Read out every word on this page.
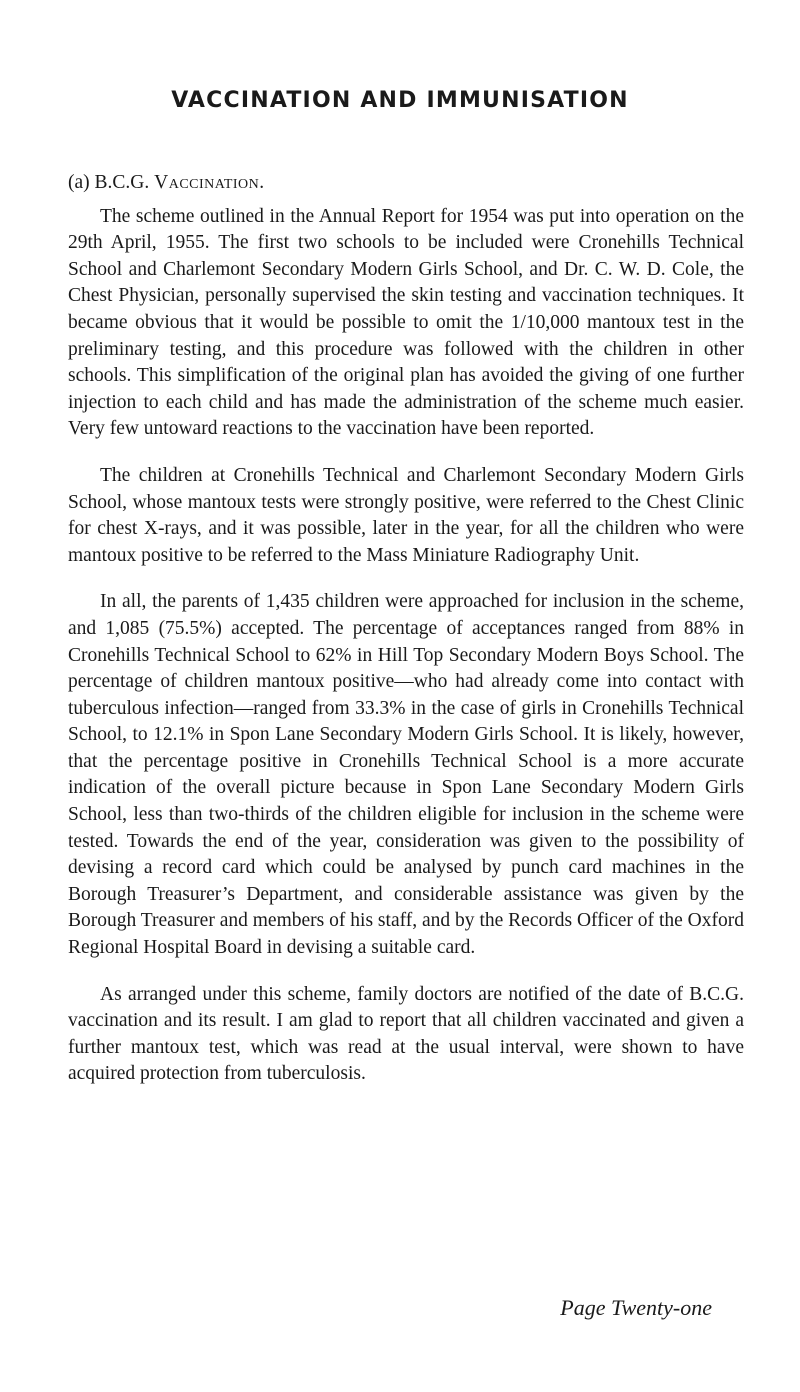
VACCINATION AND IMMUNISATION
(a) B.C.G. Vaccination.

The scheme outlined in the Annual Report for 1954 was put into operation on the 29th April, 1955. The first two schools to be included were Cronehills Technical School and Charlemont Secondary Modern Girls School, and Dr. C. W. D. Cole, the Chest Physician, personally supervised the skin testing and vaccination techniques. It became obvious that it would be possible to omit the 1/10,000 mantoux test in the preliminary testing, and this procedure was followed with the children in other schools. This simplification of the original plan has avoided the giving of one further injection to each child and has made the administration of the scheme much easier. Very few untoward reactions to the vaccination have been reported.

The children at Cronehills Technical and Charlemont Secondary Modern Girls School, whose mantoux tests were strongly positive, were referred to the Chest Clinic for chest X-rays, and it was possible, later in the year, for all the children who were mantoux positive to be referred to the Mass Miniature Radiography Unit.

In all, the parents of 1,435 children were approached for inclusion in the scheme, and 1,085 (75.5%) accepted. The percentage of acceptances ranged from 88% in Cronehills Technical School to 62% in Hill Top Secondary Modern Boys School. The percentage of children mantoux positive—who had already come into contact with tuberculous infection—ranged from 33.3% in the case of girls in Cronehills Technical School, to 12.1% in Spon Lane Secondary Modern Girls School. It is likely, however, that the percentage positive in Cronehills Technical School is a more accurate indication of the overall picture because in Spon Lane Secondary Modern Girls School, less than two-thirds of the children eligible for inclusion in the scheme were tested. Towards the end of the year, consideration was given to the possibility of devising a record card which could be analysed by punch card machines in the Borough Treasurer’s Department, and considerable assistance was given by the Borough Treasurer and members of his staff, and by the Records Officer of the Oxford Regional Hospital Board in devising a suitable card.

As arranged under this scheme, family doctors are notified of the date of B.C.G. vaccination and its result. I am glad to report that all children vaccinated and given a further mantoux test, which was read at the usual interval, were shown to have acquired protection from tuberculosis.

Page Twenty-one
